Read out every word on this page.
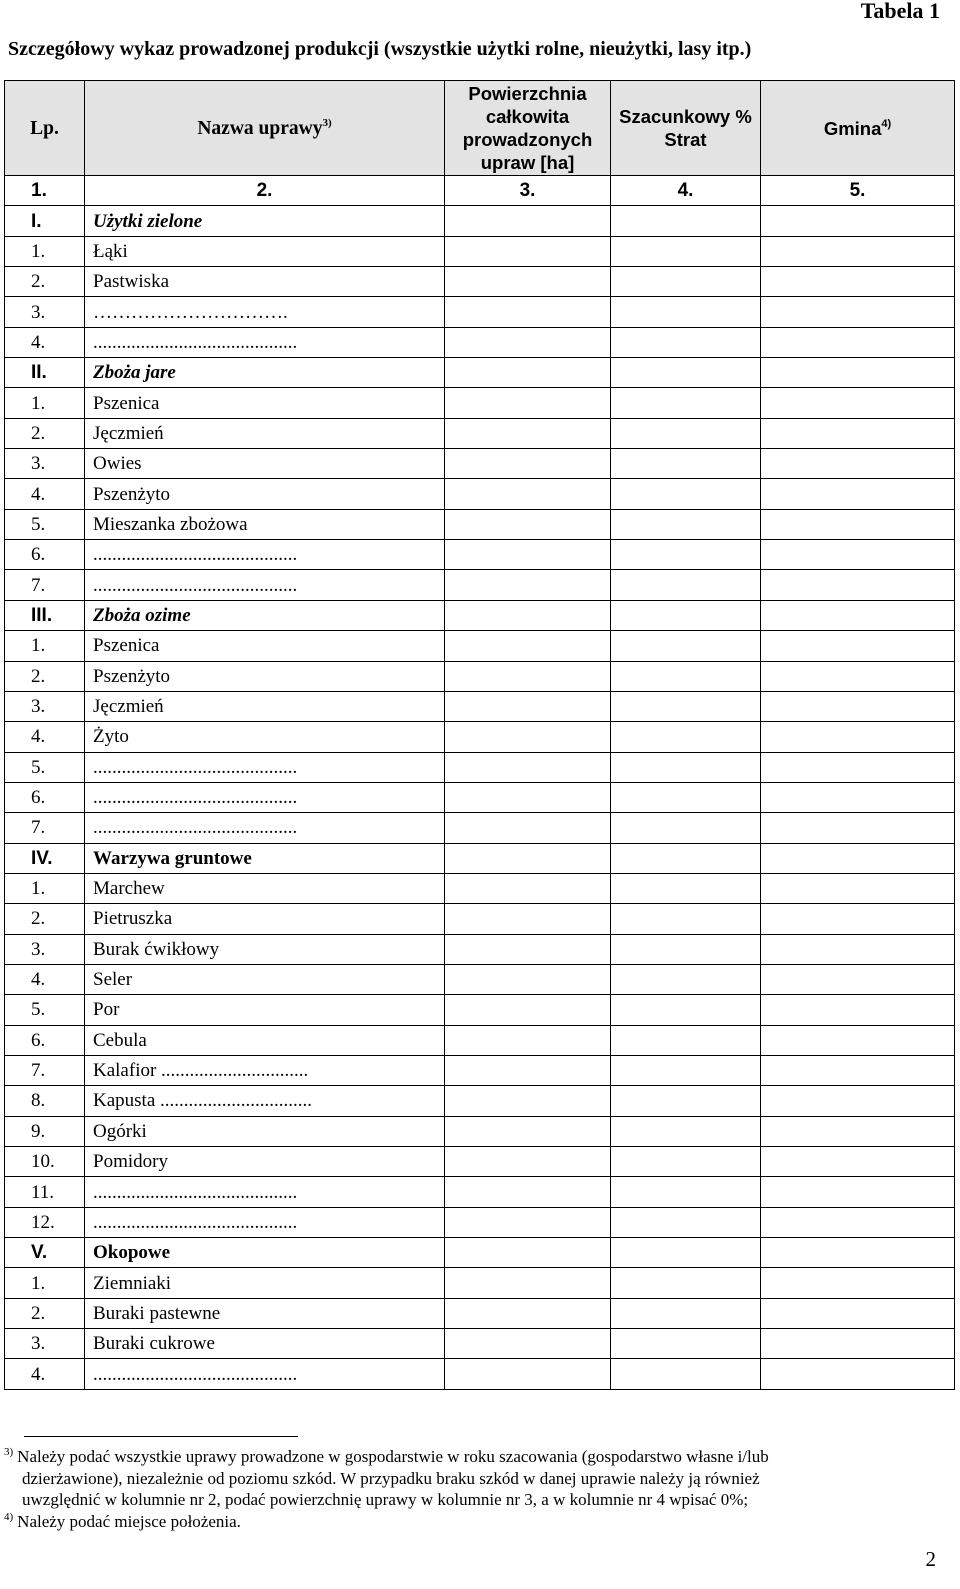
Tabela 1
Szczegółowy wykaz prowadzonej produkcji (wszystkie użytki rolne, nieużytki, lasy itp.)
Lp.	Nazwa uprawy$^{3)}$	Powierzchnia całkowita prowadzonych upraw [ha]	Szacunkowy % Strat	Gmina$^{4)}$
1.	2.	3.	4.	5.
I.	Użytki zielone			
1.	Łąki			
2.	Pastwiska			
3.	………………………….			
4.	...........................................			
II.	Zboża jare			
1.	Pszenica			
2.	Jęczmień			
3.	Owies			
4.	Pszenżyto			
5.	Mieszanka zbożowa			
6.	...........................................			
7.	...........................................			
III.	Zboża ozime			
1.	Pszenica			
2.	Pszenżyto			
3.	Jęczmień			
4.	Żyto			
5.	...........................................			
6.	...........................................			
7.	...........................................			
IV.	Warzywa gruntowe			
1.	Marchew			
2.	Pietruszka			
3.	Burak ćwikłowy			
4.	Seler			
5.	Por			
6.	Cebula			
7.	Kalafior ...............................			
8.	Kapusta ................................			
9.	Ogórki			
10.	Pomidory			
11.	...........................................			
12.	...........................................			
V.	Okopowe			
1.	Ziemniaki			
2.	Buraki pastewne			
3.	Buraki cukrowe			
4.	...........................................			

$^{3)}$ Należy podać wszystkie uprawy prowadzone w gospodarstwie w roku szacowania (gospodarstwo własne i/lub

dzierżawione), niezależnie od poziomu szkód. W przypadku braku szkód w danej uprawie należy ją również

uwzględnić w kolumnie nr 2, podać powierzchnię uprawy w kolumnie nr 3, a w kolumnie nr 4 wpisać 0%;

$^{4)}$ Należy podać miejsce położenia.

2
